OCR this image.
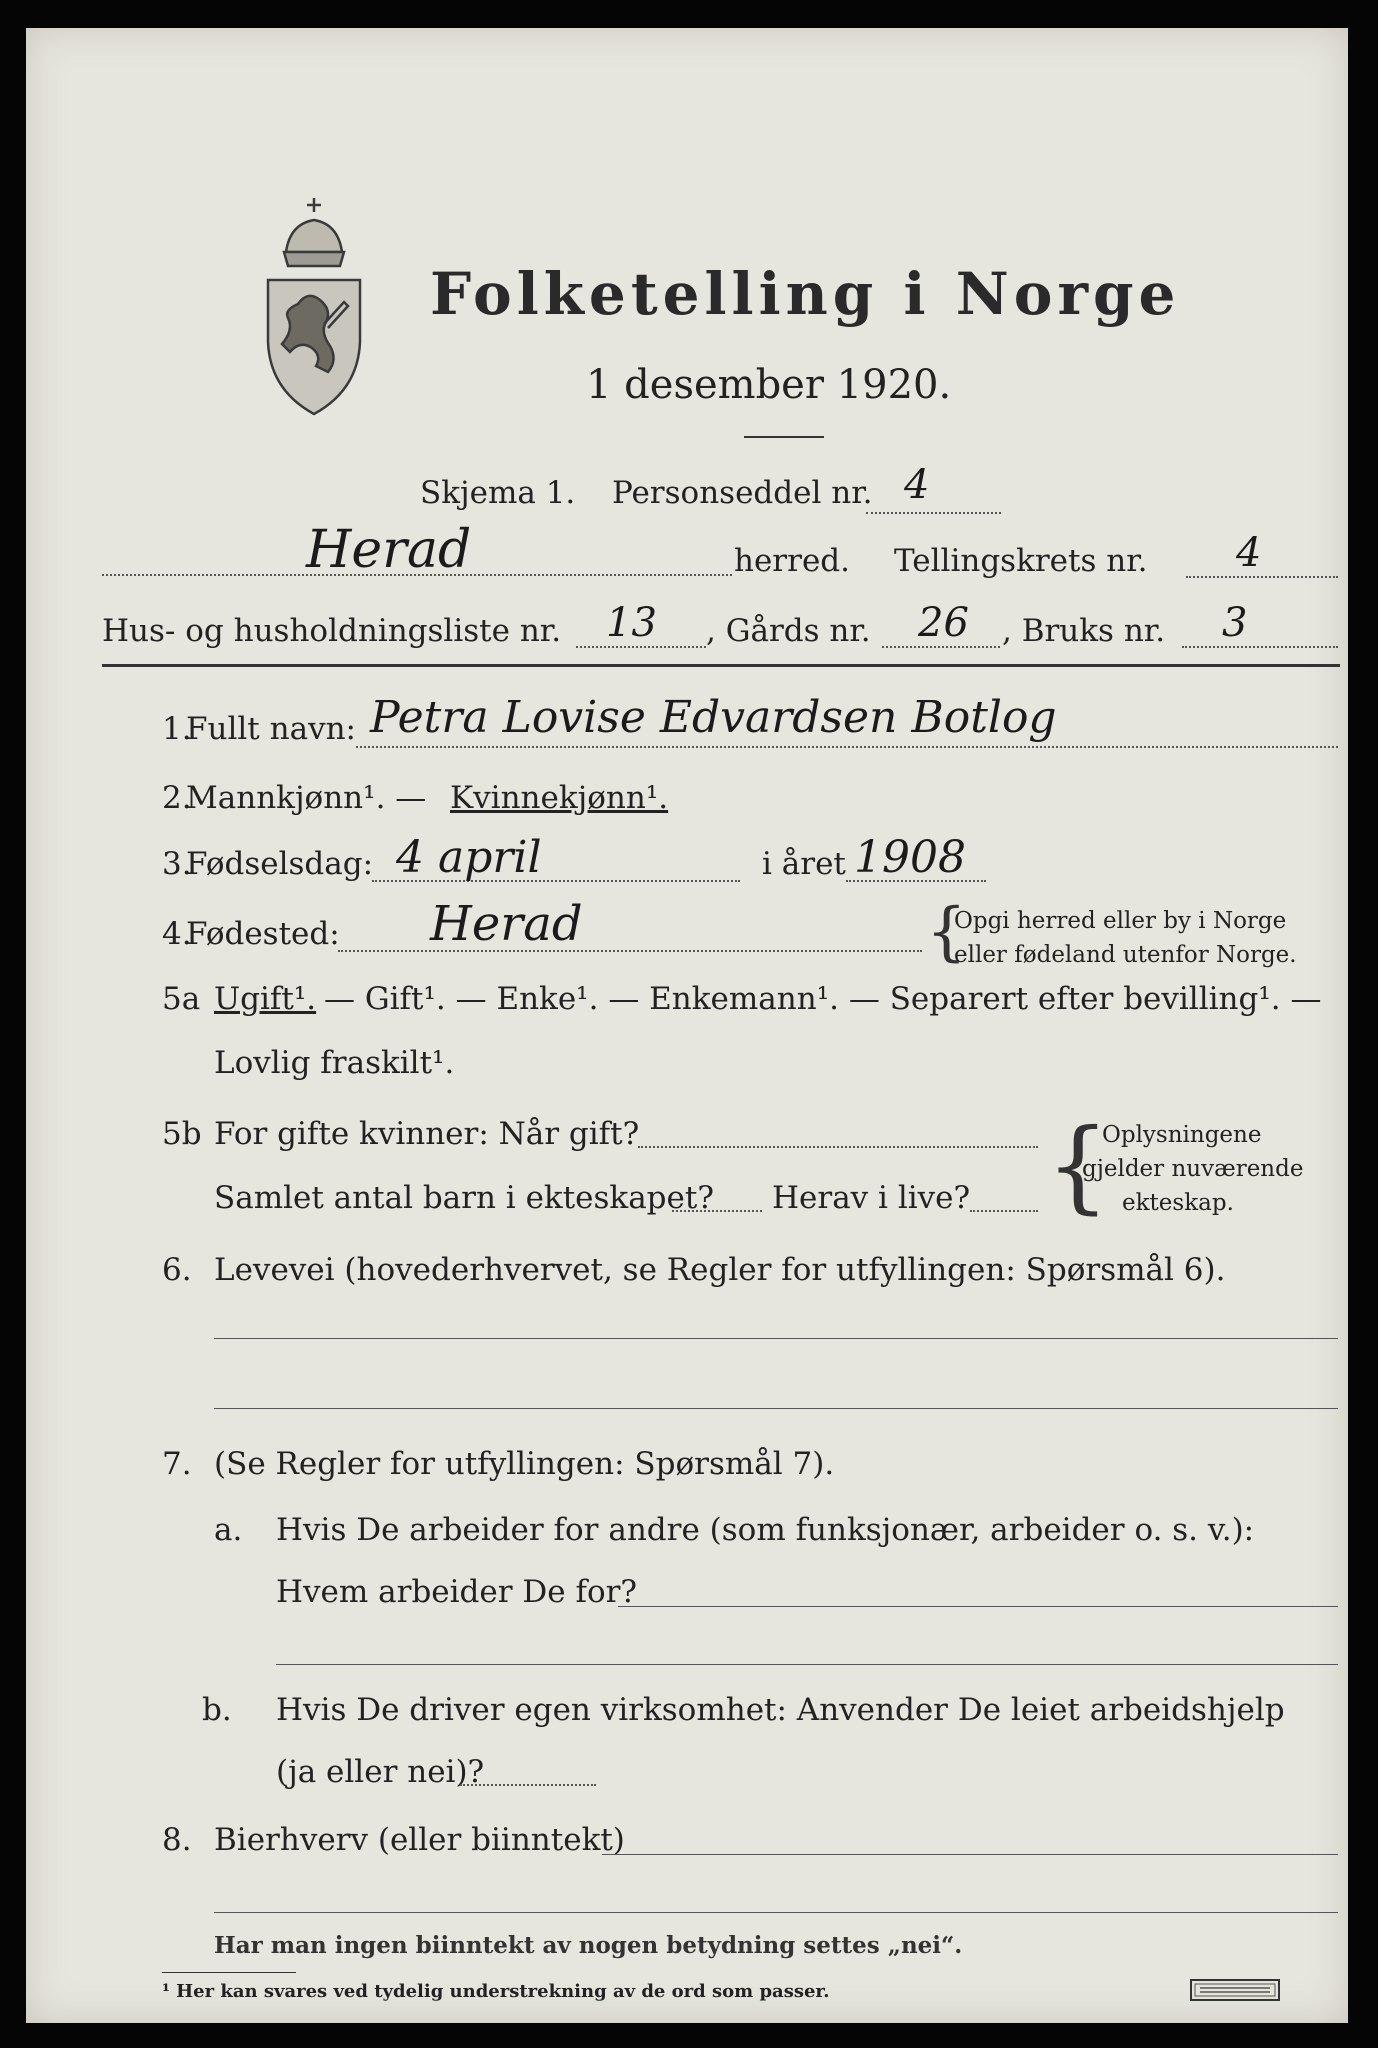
Folketelling i Norge
1 desember 1920.
Skjema 1. Personseddel nr. 4
Herad	herred. Tellingskrets nr. 4
Hus- og husholdningsliste nr. 13 , Gårds nr. 26 , Bruks nr. 3
1.
Fullt navn: Petra Lovise Edvardsen Botlog
2.
Mannkjønn¹. — Kvinnekjønn¹.
3.
Fødselsdag: 4 april	i året 1908
4.
Fødested: Herad	{
Opgi herred eller by i Norge
eller fødeland utenfor Norge.
5a Ugift¹. — Gift¹. — Enke¹. — Enkemann¹. — Separert efter bevilling¹. —
Lovlig fraskilt¹.
5b For gifte kvinner: Når gift?
Samlet antal barn i ekteskapet? Herav i live? {
Oplysningene
gjelder nuværende
ekteskap.
6. Levevei (hovederhvervet, se Regler for utfyllingen: Spørsmål 6).
7. (Se Regler for utfyllingen: Spørsmål 7).
a. Hvis De arbeider for andre (som funksjonær, arbeider o. s. v.):
Hvem arbeider De for?
b. Hvis De driver egen virksomhet: Anvender De leiet arbeidshjelp
(ja eller nei)?
8. Bierhverv (eller biinntekt)
Har man ingen biinntekt av nogen betydning settes „nei“.
¹ Her kan svares ved tydelig understrekning av de ord som passer.
